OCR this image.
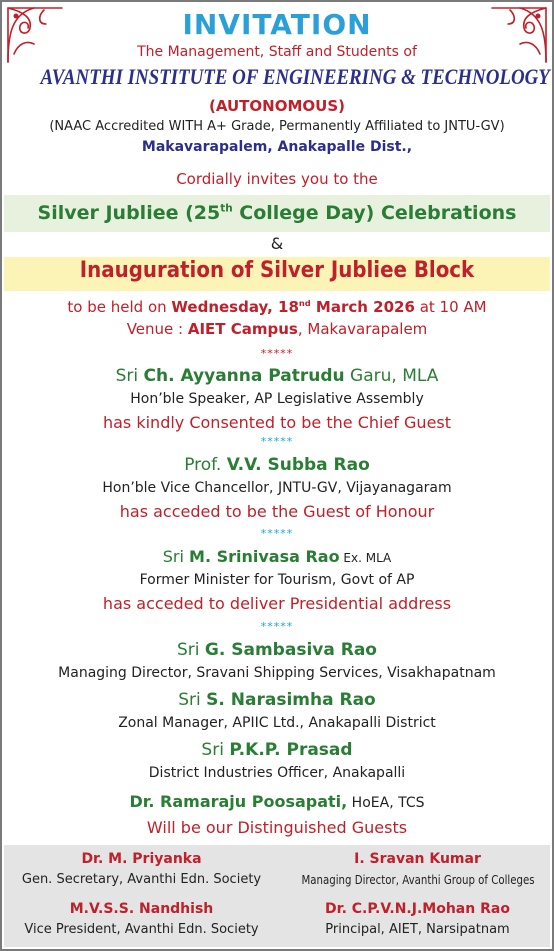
INVITATION
The Management, Staff and Students of
AVANTHI INSTITUTE OF ENGINEERING & TECHNOLOGY
(AUTONOMOUS)
(NAAC Accredited WITH A+ Grade, Permanently Affiliated to JNTU-GV)
Makavarapalem, Anakapalle Dist.,
Cordially invites you to the
Silver Jubliee (25th College Day) Celebrations
&
Inauguration of Silver Jubliee Block
to be held on Wednesday, 18nd March 2026 at 10 AM
Venue : AIET Campus, Makavarapalem
*****
Sri Ch. Ayyanna Patrudu Garu, MLA
Hon’ble Speaker, AP Legislative Assembly
has kindly Consented to be the Chief Guest
*****
Prof. V.V. Subba Rao
Hon’ble Vice Chancellor, JNTU-GV, Vijayanagaram
has acceded to be the Guest of Honour
*****
Sri M. Srinivasa Rao Ex. MLA
Former Minister for Tourism, Govt of AP
has acceded to deliver Presidential address
*****
Sri G. Sambasiva Rao
Managing Director, Sravani Shipping Services, Visakhapatnam
Sri S. Narasimha Rao
Zonal Manager, APIIC Ltd., Anakapalli District
Sri P.K.P. Prasad
District Industries Officer, Anakapalli
Dr. Ramaraju Poosapati, HoEA, TCS
Will be our Distinguished Guests
Dr. M. Priyanka
Gen. Secretary, Avanthi Edn. Society
I. Sravan Kumar
Managing Director, Avanthi Group of Colleges
M.V.S.S. Nandhish
Vice President, Avanthi Edn. Society
Dr. C.P.V.N.J.Mohan Rao
Principal, AIET, Narsipatnam
